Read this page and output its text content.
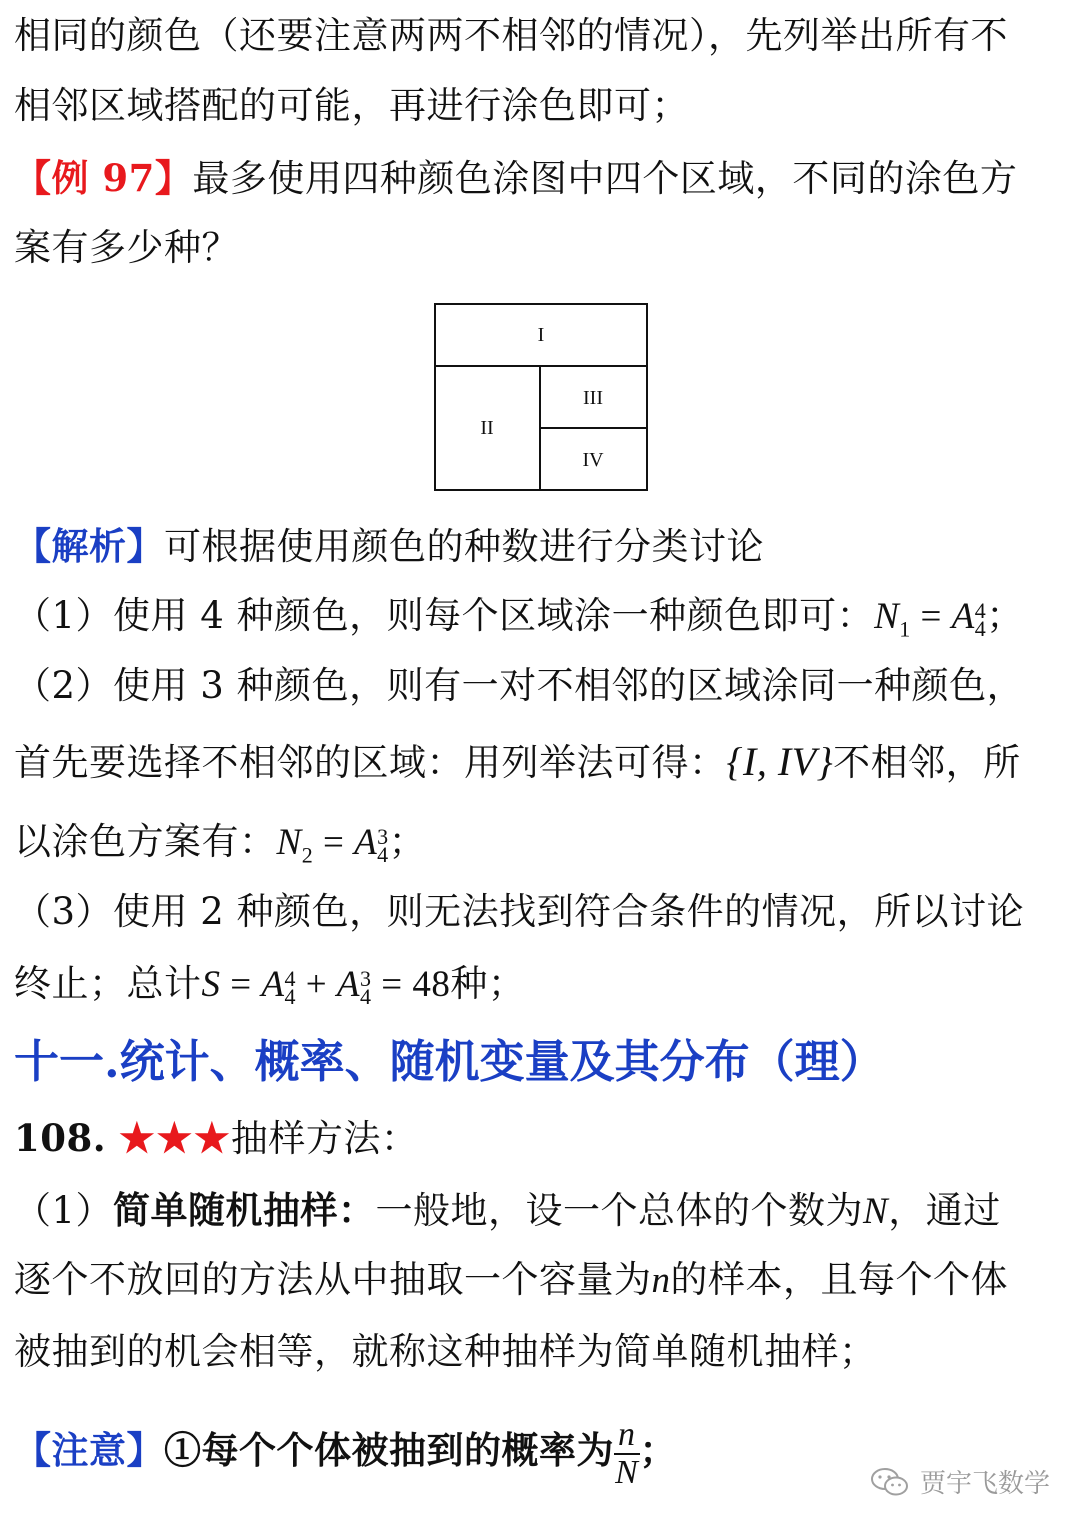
相同的颜色（还要注意两两不相邻的情况），先列举出所有不
相邻区域搭配的可能，再进行涂色即可；
【例 97】最多使用四种颜色涂图中四个区域，不同的涂色方
案有多少种？
I
II
III
IV
【解析】可根据使用颜色的种数进行分类讨论
（1）使用 4 种颜色，则每个区域涂一种颜色即可：$N_1 = A$ 4
4 ；
（2）使用 3 种颜色，则有一对不相邻的区域涂同一种颜色，
首先要选择不相邻的区域：用列举法可得：{I, IV}不相邻，所
以涂色方案有：$N_2 = A$ 3
4 ；
（3）使用 2 种颜色，则无法找到符合条件的情况，所以讨论
终止；总计S = A 4
4 + A 3
4 = 48种；
十一.统计、概率、随机变量及其分布（理）
108. ★★★抽样方法：
（1）简单随机抽样：一般地，设一个总体的个数为N，通过
逐个不放回的方法从中抽取一个容量为n的样本，且每个个体
被抽到的机会相等，就称这种抽样为简单随机抽样；
【注意】①每个个体被抽到的概率为 $\frac{n}{N}$ ；
贾宇飞数学
